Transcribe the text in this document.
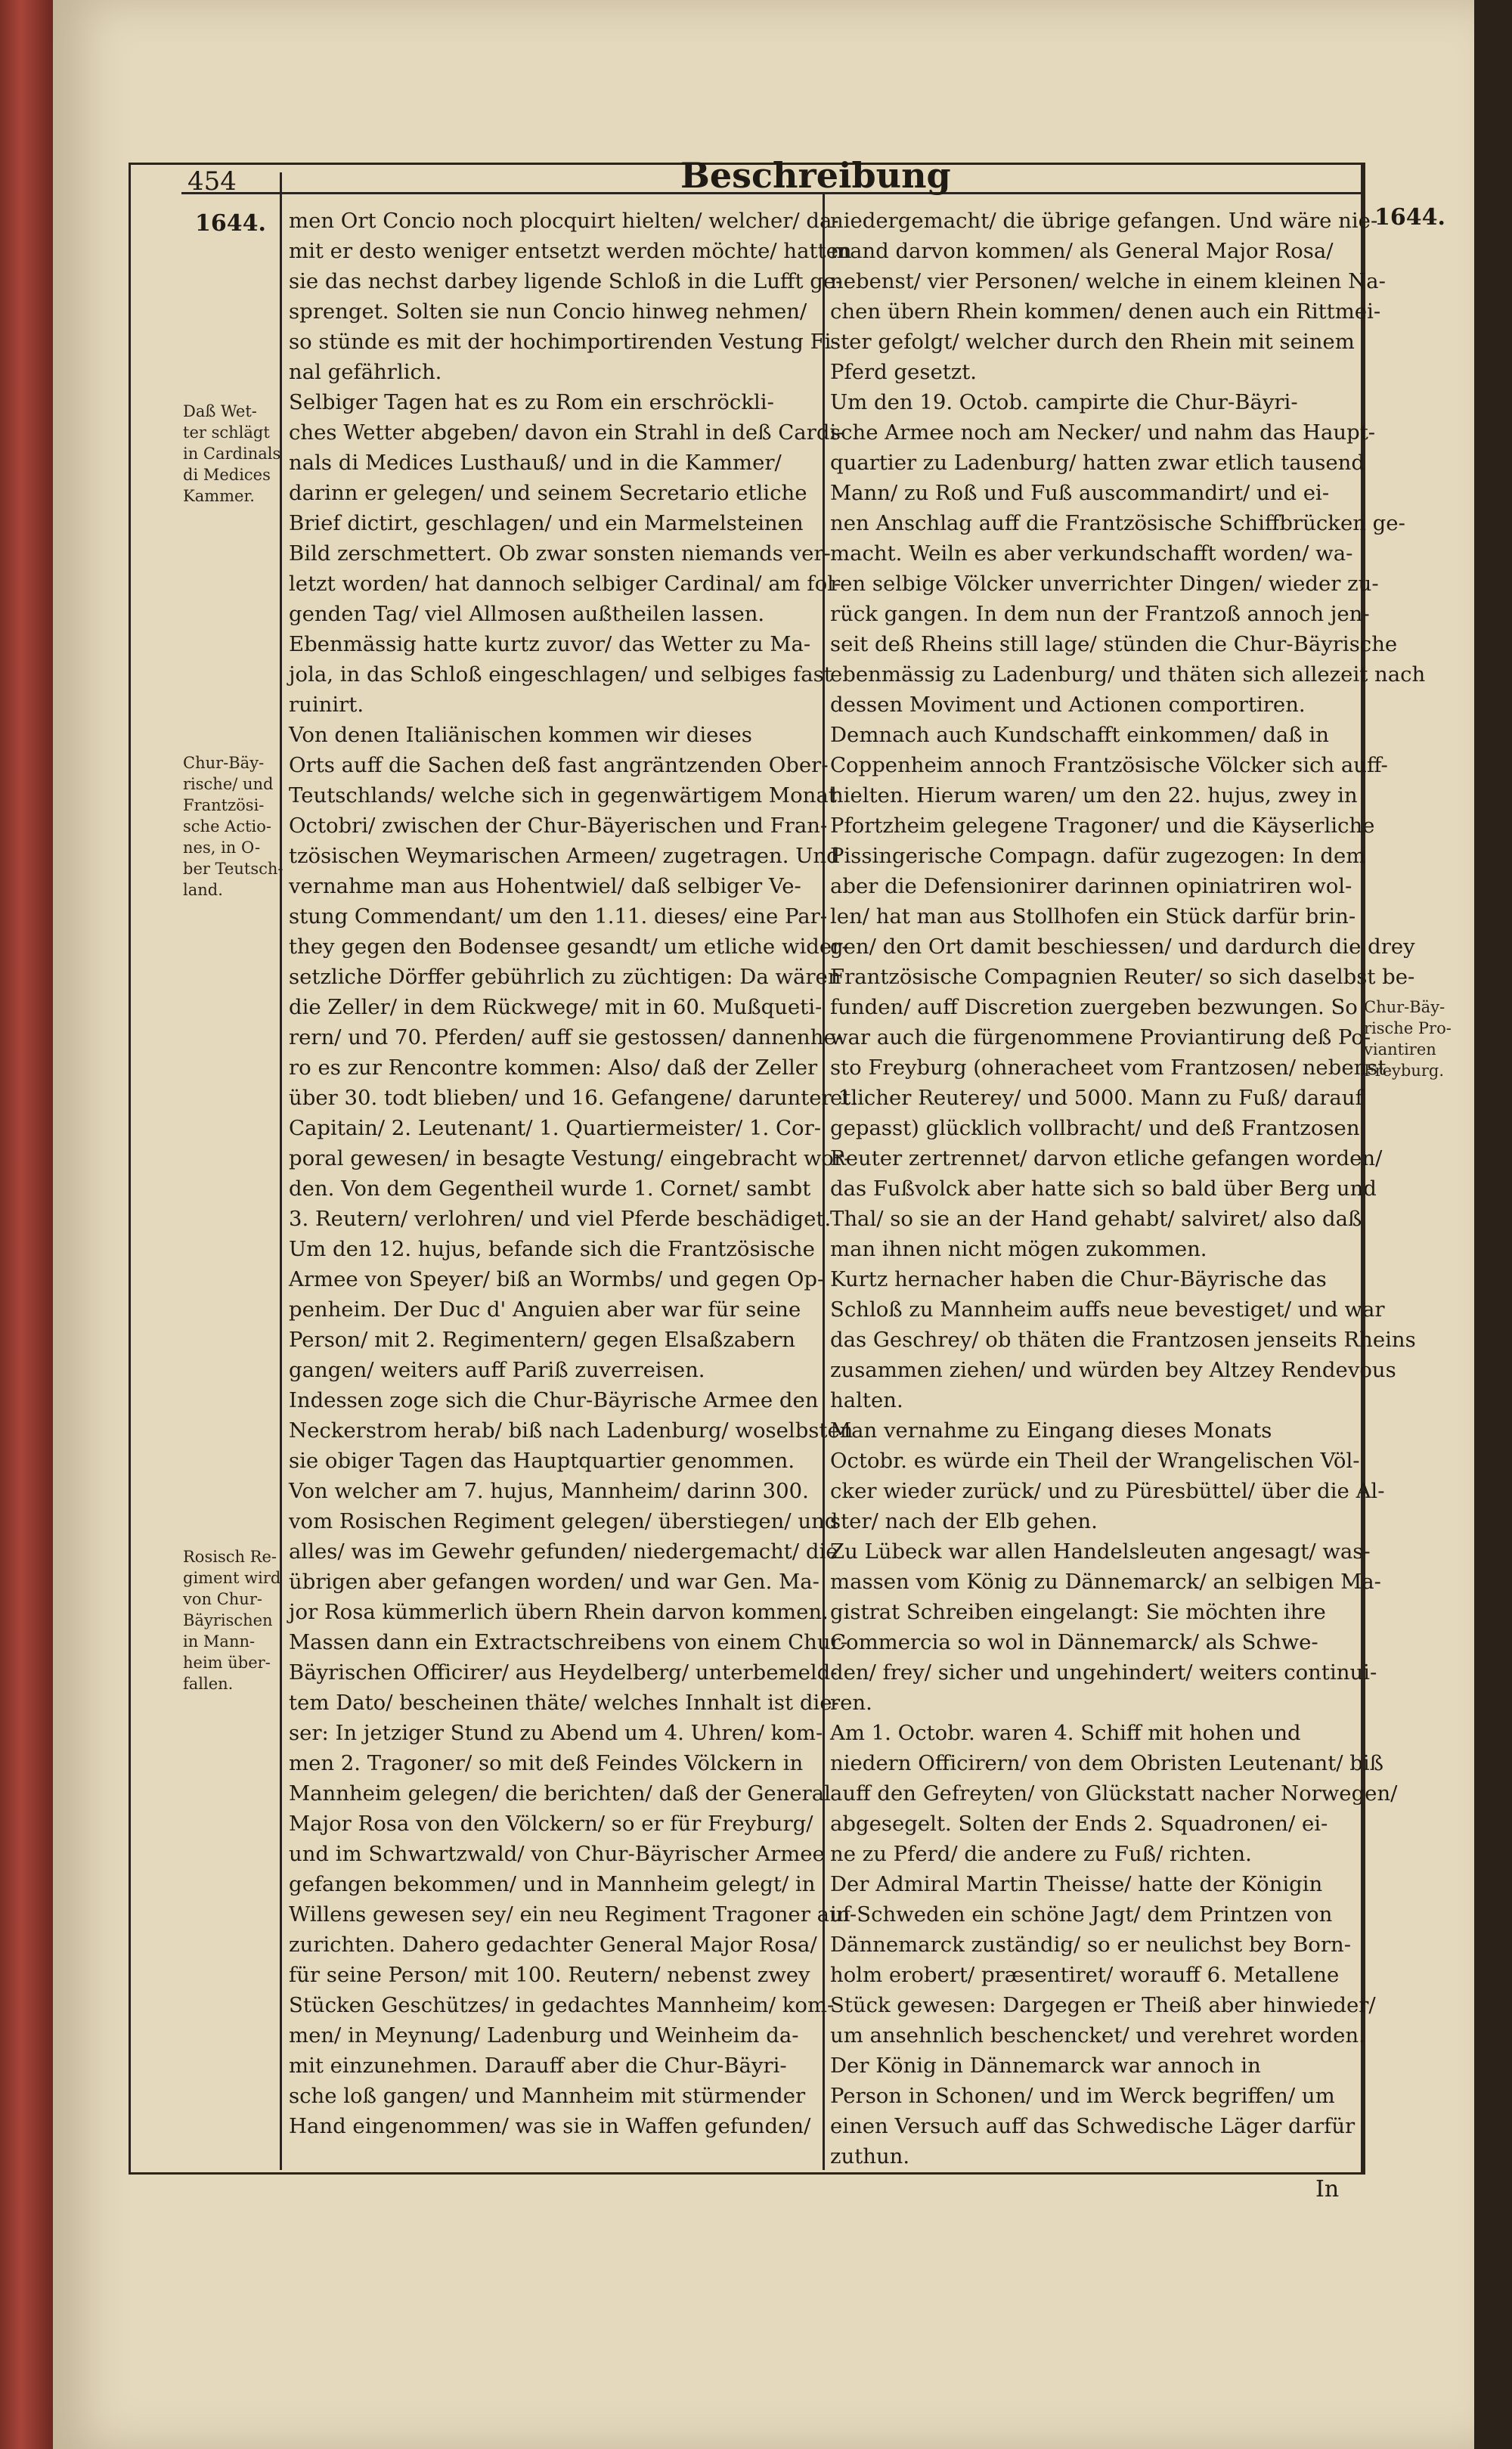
454	Beschreibung
1644.	1644.
Daß Wet-
ter schlägt
in Cardinals
di Medices
Kammer.
Chur-Bäy-
rische/ und
Frantzösi-
sche Actio-
nes, in O-
ber Teutsch-
land.
Rosisch Re-
giment wird
von Chur-
Bäyrischen
in Mann-
heim über-
fallen.
Chur-Bäy-
rische Pro-
viantiren
Freyburg.

men Ort Concio noch plocquirt hielten/ welcher/ da-

mit er desto weniger entsetzt werden möchte/ hatten

sie das nechst darbey ligende Schloß in die Lufft ge-

sprenget. Solten sie nun Concio hinweg nehmen/

so stünde es mit der hochimportirenden Vestung Fi-

nal gefährlich.

Selbiger Tagen hat es zu Rom ein erschröckli-

ches Wetter abgeben/ davon ein Strahl in deß Cardi-

nals di Medices Lusthauß/ und in die Kammer/

darinn er gelegen/ und seinem Secretario etliche

Brief dictirt, geschlagen/ und ein Marmelsteinen

Bild zerschmettert. Ob zwar sonsten niemands ver-

letzt worden/ hat dannoch selbiger Cardinal/ am fol-

genden Tag/ viel Allmosen außtheilen lassen.

Ebenmässig hatte kurtz zuvor/ das Wetter zu Ma-

jola, in das Schloß eingeschlagen/ und selbiges fast

ruinirt.

Von denen Italiänischen kommen wir dieses

Orts auff die Sachen deß fast angräntzenden Ober-

Teutschlands/ welche sich in gegenwärtigem Monat

Octobri/ zwischen der Chur-Bäyerischen und Fran-

tzösischen Weymarischen Armeen/ zugetragen. Und

vernahme man aus Hohentwiel/ daß selbiger Ve-

stung Commendant/ um den 1.11. dieses/ eine Par-

they gegen den Bodensee gesandt/ um etliche wider-

setzliche Dörffer gebührlich zu züchtigen: Da wären

die Zeller/ in dem Rückwege/ mit in 60. Mußqueti-

rern/ und 70. Pferden/ auff sie gestossen/ dannenhe-

ro es zur Rencontre kommen: Also/ daß der Zeller

über 30. todt blieben/ und 16. Gefangene/ darunter 1.

Capitain/ 2. Leutenant/ 1. Quartiermeister/ 1. Cor-

poral gewesen/ in besagte Vestung/ eingebracht wor-

den. Von dem Gegentheil wurde 1. Cornet/ sambt

3. Reutern/ verlohren/ und viel Pferde beschädiget.

Um den 12. hujus, befande sich die Frantzösische

Armee von Speyer/ biß an Wormbs/ und gegen Op-

penheim. Der Duc d' Anguien aber war für seine

Person/ mit 2. Regimentern/ gegen Elsaßzabern

gangen/ weiters auff Pariß zuverreisen.

Indessen zoge sich die Chur-Bäyrische Armee den

Neckerstrom herab/ biß nach Ladenburg/ woselbsten

sie obiger Tagen das Hauptquartier genommen.

Von welcher am 7. hujus, Mannheim/ darinn 300.

vom Rosischen Regiment gelegen/ überstiegen/ und

alles/ was im Gewehr gefunden/ niedergemacht/ die

übrigen aber gefangen worden/ und war Gen. Ma-

jor Rosa kümmerlich übern Rhein darvon kommen.

Massen dann ein Extractschreibens von einem Chur-

Bäyrischen Officirer/ aus Heydelberg/ unterbemeld-

tem Dato/ bescheinen thäte/ welches Innhalt ist die-

ser: In jetziger Stund zu Abend um 4. Uhren/ kom-

men 2. Tragoner/ so mit deß Feindes Völckern in

Mannheim gelegen/ die berichten/ daß der General

Major Rosa von den Völckern/ so er für Freyburg/

und im Schwartzwald/ von Chur-Bäyrischer Armee

gefangen bekommen/ und in Mannheim gelegt/ in

Willens gewesen sey/ ein neu Regiment Tragoner auf-

zurichten. Dahero gedachter General Major Rosa/

für seine Person/ mit 100. Reutern/ nebenst zwey

Stücken Geschützes/ in gedachtes Mannheim/ kom-

men/ in Meynung/ Ladenburg und Weinheim da-

mit einzunehmen. Darauff aber die Chur-Bäyri-

sche loß gangen/ und Mannheim mit stürmender

Hand eingenommen/ was sie in Waffen gefunden/

niedergemacht/ die übrige gefangen. Und wäre nie-

mand darvon kommen/ als General Major Rosa/

nebenst/ vier Personen/ welche in einem kleinen Na-

chen übern Rhein kommen/ denen auch ein Rittmei-

ster gefolgt/ welcher durch den Rhein mit seinem

Pferd gesetzt.

Um den 19. Octob. campirte die Chur-Bäyri-

sche Armee noch am Necker/ und nahm das Haupt-

quartier zu Ladenburg/ hatten zwar etlich tausend

Mann/ zu Roß und Fuß auscommandirt/ und ei-

nen Anschlag auff die Frantzösische Schiffbrücken ge-

macht. Weiln es aber verkundschafft worden/ wa-

ren selbige Völcker unverrichter Dingen/ wieder zu-

rück gangen. In dem nun der Frantzoß annoch jen-

seit deß Rheins still lage/ stünden die Chur-Bäyrische

ebenmässig zu Ladenburg/ und thäten sich allezeit nach

dessen Moviment und Actionen comportiren.

Demnach auch Kundschafft einkommen/ daß in

Coppenheim annoch Frantzösische Völcker sich auff-

hielten. Hierum waren/ um den 22. hujus, zwey in

Pfortzheim gelegene Tragoner/ und die Käyserliche

Pissingerische Compagn. dafür zugezogen: In dem

aber die Defensionirer darinnen opiniatriren wol-

len/ hat man aus Stollhofen ein Stück darfür brin-

gen/ den Ort damit beschiessen/ und dardurch die drey

Frantzösische Compagnien Reuter/ so sich daselbst be-

funden/ auff Discretion zuergeben bezwungen. So

war auch die fürgenommene Proviantirung deß Po-

sto Freyburg (ohneracheet vom Frantzosen/ nebenst

etlicher Reuterey/ und 5000. Mann zu Fuß/ darauf

gepasst) glücklich vollbracht/ und deß Frantzosen

Reuter zertrennet/ darvon etliche gefangen worden/

das Fußvolck aber hatte sich so bald über Berg und

Thal/ so sie an der Hand gehabt/ salviret/ also daß

man ihnen nicht mögen zukommen.

Kurtz hernacher haben die Chur-Bäyrische das

Schloß zu Mannheim auffs neue bevestiget/ und war

das Geschrey/ ob thäten die Frantzosen jenseits Rheins

zusammen ziehen/ und würden bey Altzey Rendevous

halten.

Man vernahme zu Eingang dieses Monats

Octobr. es würde ein Theil der Wrangelischen Völ-

cker wieder zurück/ und zu Püresbüttel/ über die Al-

ster/ nach der Elb gehen.

Zu Lübeck war allen Handelsleuten angesagt/ was-

massen vom König zu Dännemarck/ an selbigen Ma-

gistrat Schreiben eingelangt: Sie möchten ihre

Commercia so wol in Dännemarck/ als Schwe-

den/ frey/ sicher und ungehindert/ weiters continui-

ren.

Am 1. Octobr. waren 4. Schiff mit hohen und

niedern Officirern/ von dem Obristen Leutenant/ biß

auff den Gefreyten/ von Glückstatt nacher Norwegen/

abgesegelt. Solten der Ends 2. Squadronen/ ei-

ne zu Pferd/ die andere zu Fuß/ richten.

Der Admiral Martin Theisse/ hatte der Königin

in Schweden ein schöne Jagt/ dem Printzen von

Dännemarck zuständig/ so er neulichst bey Born-

holm erobert/ præsentiret/ worauff 6. Metallene

Stück gewesen: Dargegen er Theiß aber hinwieder/

um ansehnlich beschencket/ und verehret worden.

Der König in Dännemarck war annoch in

Person in Schonen/ und im Werck begriffen/ um

einen Versuch auff das Schwedische Läger darfür

zuthun.

In
